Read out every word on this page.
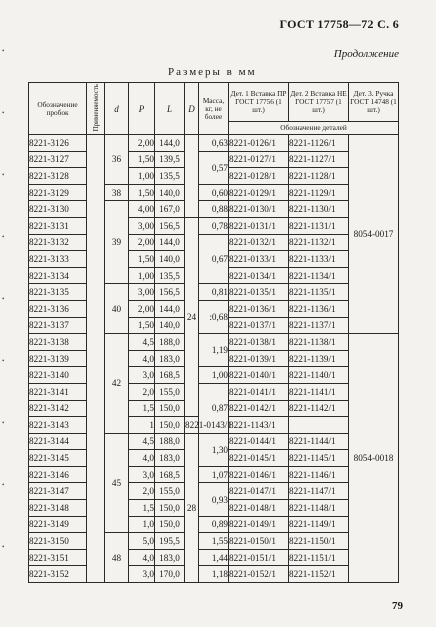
•
•
•
•
•
•
•
•
•
ГОСТ 17758—72 С. 6
Продолжение
Размеры в мм
Обозначение пробок	Применяемость	d	P	L	D	Масса, кг, не более	Дет. 1 Вставка ПР ГОСТ 17756 (1 шт.)	Дет. 2 Вставка НЕ ГОСТ 17757 (1 шт.)	Дет. 3. Ручка ГОСТ 14748 (1 шт.)
							Обозначение деталей		
8221-3126		36	2,00	144,0		0,63	8221-0126/1	8221-1126/1	8054-0017
8221-3127			1,50	139,5		0,57	8221-0127/1	8221-1127/1	
8221-3128			1,00	135,5			8221-0128/1	8221-1128/1	
8221-3129		38	1,50	140,0		0,60	8221-0129/1	8221-1129/1	
8221-3130		39	4,00	167,0		0,88	8221-0130/1	8221-1130/1	
8221-3131			3,00	156,5	24	0,78	8221-0131/1	8221-1131/1	
8221-3132			2,00	144,0		0,67	8221-0132/1	8221-1132/1	
8221-3133			1,50	140,0			8221-0133/1	8221-1133/1	
8221-3134			1,00	135,5			8221-0134/1	8221-1134/1	
8221-3135		40	3,00	156,5		0,81	8221-0135/1	8221-1135/1	
8221-3136			2,00	144,0		:0,68	8221-0136/1	8221-1136/1	
8221-3137			1,50	140,0			8221-0137/1	8221-1137/1	
8221-3138		42	4,5	188,0		1,19	8221-0138/1	8221-1138/1	8054-0018
8221-3139			4,0	183,0			8221-0139/1	8221-1139/1	
8221-3140			3,0	168,5		1,00	8221-0140/1	8221-1140/1	
8221-3141			2,0	155,0		0,87	8221-0141/1	8221-1141/1	
8221-3142			1,5	150,0			8221-0142/1	8221-1142/1	
8221-3143			1	150,0	8221-0143/1		8221-1143/1		
8221-3144		45	4,5	188,0	28	1,30	8221-0144/1	8221-1144/1	
8221-3145			4,0	183,0			8221-0145/1	8221-1145/1	
8221-3146			3,0	168,5		1,07	8221-0146/1	8221-1146/1	
8221-3147			2,0	155,0		0,93	8221-0147/1	8221-1147/1	
8221-3148			1,5	150,0			8221-0148/1	8221-1148/1	
8221-3149			1,0	150,0		0,89	8221-0149/1	8221-1149/1	
8221-3150		48	5,0	195,5		1,55	8221-0150/1	8221-1150/1	
8221-3151			4,0	183,0		1,44	8221-0151/1	8221-1151/1	
8221-3152			3,0	170,0		1,18	8221-0152/1	8221-1152/1	
79
